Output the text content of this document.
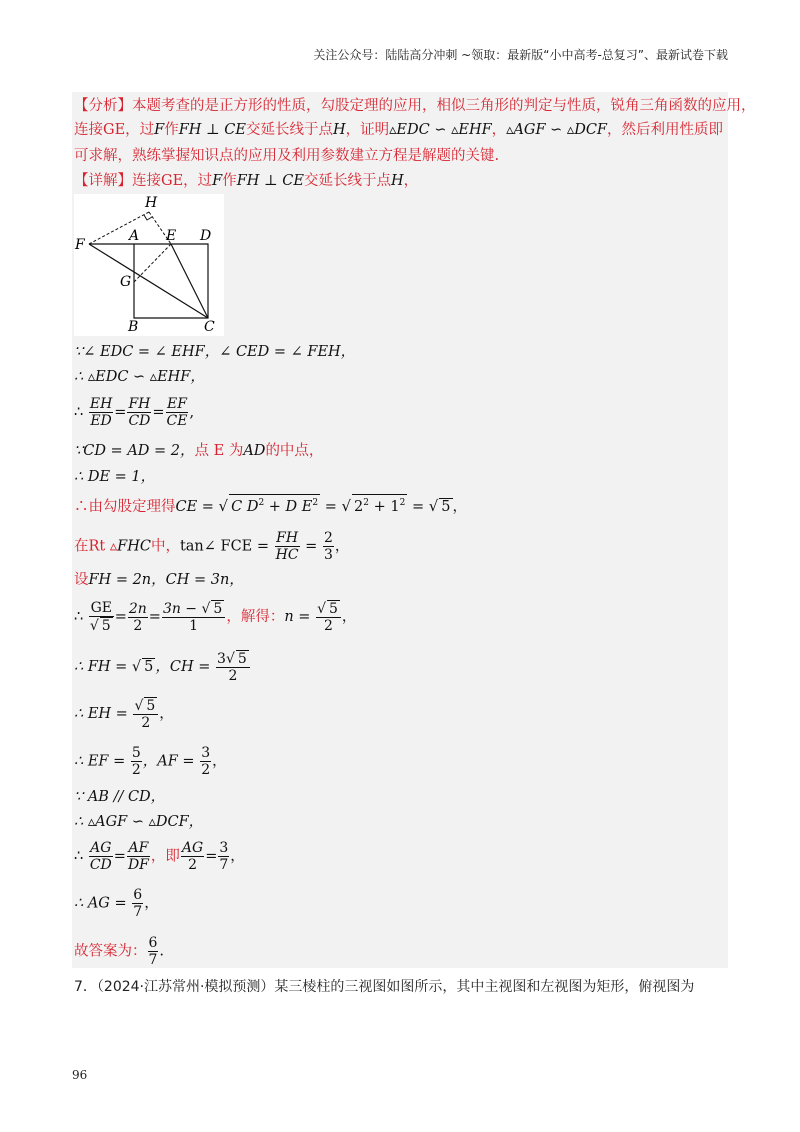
关注公众号：陆陆高分冲刺 ~领取：最新版“小中高考-总复习”、最新试卷下载
【分析】本题考查的是正方形的性质，勾股定理的应用，相似三角形的判定与性质，锐角三角函数的应用，
连接GE，过F作FH ⊥ CE交延长线于点H，证明▵EDC ∽ ▵EHF，▵AGF ∽ ▵DCF，然后利用性质即
可求解，熟练掌握知识点的应用及利用参数建立方程是解题的关键.
【详解】连接GE，过F作FH ⊥ CE交延长线于点H，
H
F
A E D
G
B	C
∵∠ EDC = ∠ EHF，∠ CED = ∠ FEH，
∴ ▵EDC ∽ ▵EHF，
∴ $\frac{EH}{ED} = \frac{FH}{CD} = \frac{EF}{CE}$ ,
∵CD = AD = 2，点 E 为AD的中点，
∴ DE = 1，
∴由勾股定理得CE = √ C $D^2 + D$ $E^2$ = √ $2^2 + 1^2$ = √ 5 ，
在Rt ▵FHC中，tan∠ FCE = $\frac{FH}{HC} = \frac{2}{3}$ ，
设FH = 2n，CH = 3n，
∴ $\frac{GE}{√ 5} = \frac{2n}{2} = \frac{3n - √ 5}{1}$ ，解得：$n = \frac{√ 5}{2}$ ，
∴ FH = √ 5 ，CH = $\frac{3√ 5}{2}$
∴ EH = $\frac{√ 5}{2}$ ，
∴ EF = $\frac{5}{2}$ ，AF = $\frac{3}{2}$ ，
∵ AB // CD，
∴ ▵AGF ∽ ▵DCF，
∴ $\frac{AG}{CD} = \frac{AF}{DF}$ ，即 $\frac{AG}{2} = \frac{3}{7}$ ，
∴ AG = $\frac{6}{7}$ ，
故答案为： $\frac{6}{7}$ .
7．（2024·江苏常州·模拟预测）某三棱柱的三视图如图所示，其中主视图和左视图为矩形，俯视图为
96
